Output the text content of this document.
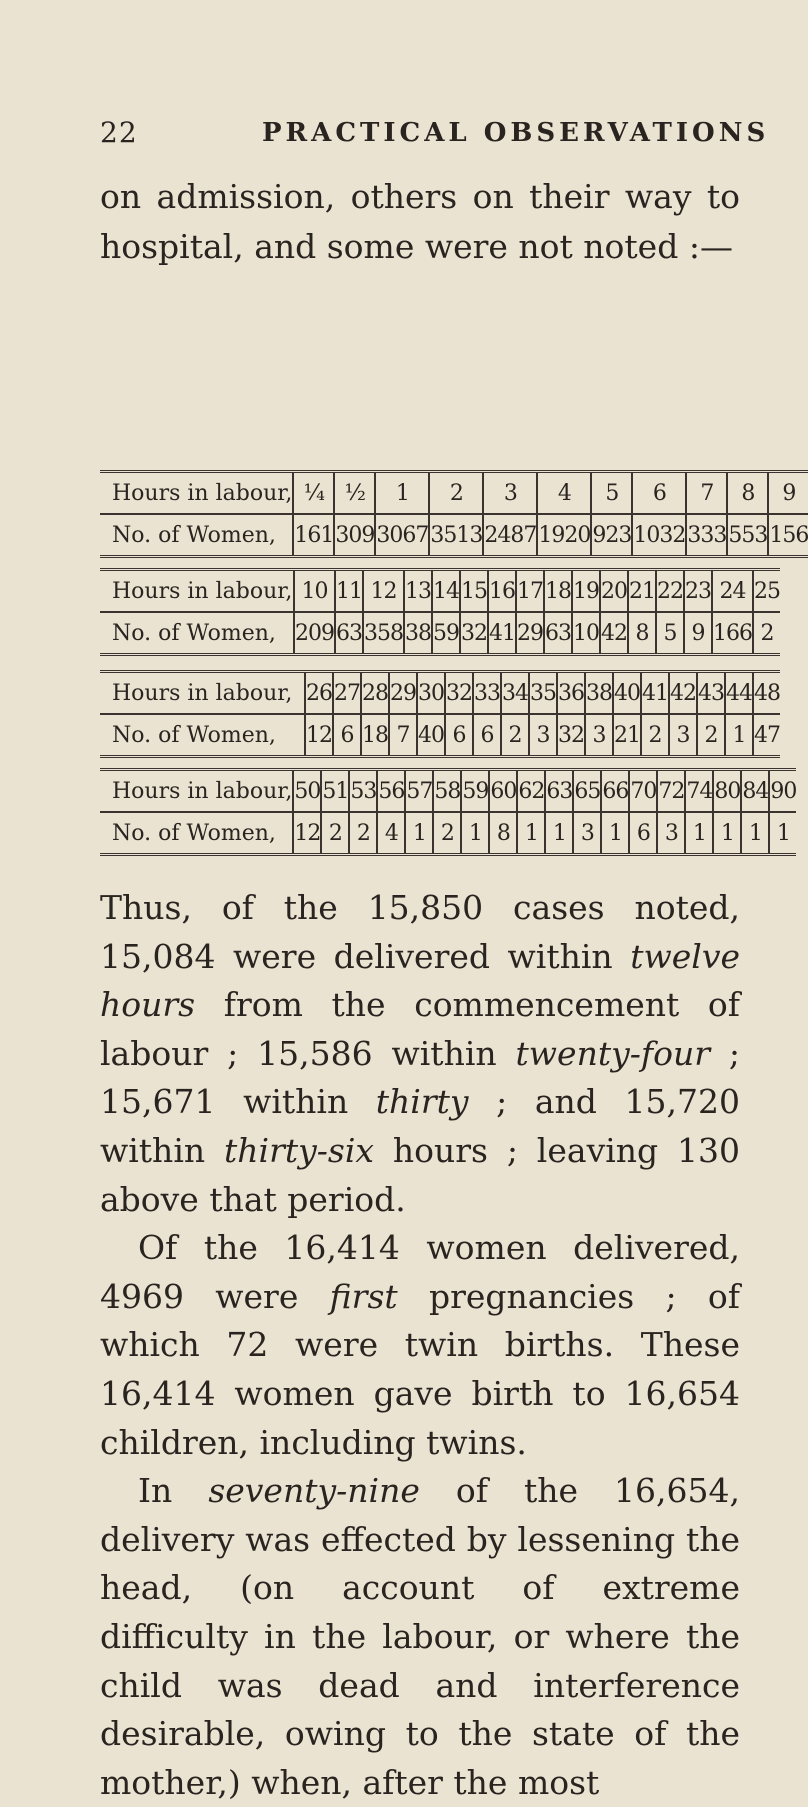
22	PRACTICAL OBSERVATIONS

on admission, others on their way to hospital, and some were not noted :—

Hours in labour,	¼	½	1	2	3	4	5	6	7	8	9
No. of Women,	161	309	3067	3513	2487	1920	923	1032	333	553	156
Hours in labour,	10	11	12	13	14	15	16	17	18	19	20	21	22	23	24	25
No. of Women,	209	63	358	38	59	32	41	29	63	10	42	8	5	9	166	2
Hours in labour,	26	27	28	29	30	32	33	34	35	36	38	40	41	42	43	44	48
No. of Women,	12	6	18	7	40	6	6	2	3	32	3	21	2	3	2	1	47
Hours in labour,	50	51	53	56	57	58	59	60	62	63	65	66	70	72	74	80	84	90
No. of Women,	12	2	2	4	1	2	1	8	1	1	3	1	6	3	1	1	1	1

Thus, of the 15,850 cases noted, 15,084 were delivered within twelve hours from the commencement of labour ; 15,586 within twenty-four ; 15,671 within thirty ; and 15,720 within thirty-six hours ; leaving 130 above that period.

Of the 16,414 women delivered, 4969 were first pregnancies ; of which 72 were twin births. These 16,414 women gave birth to 16,654 children, including twins.

In seventy-nine of the 16,654, delivery was effected by lessening the head, (on account of extreme difficulty in the labour, or where the child was dead and interference desirable, owing to the state of the mother,) when, after the most
